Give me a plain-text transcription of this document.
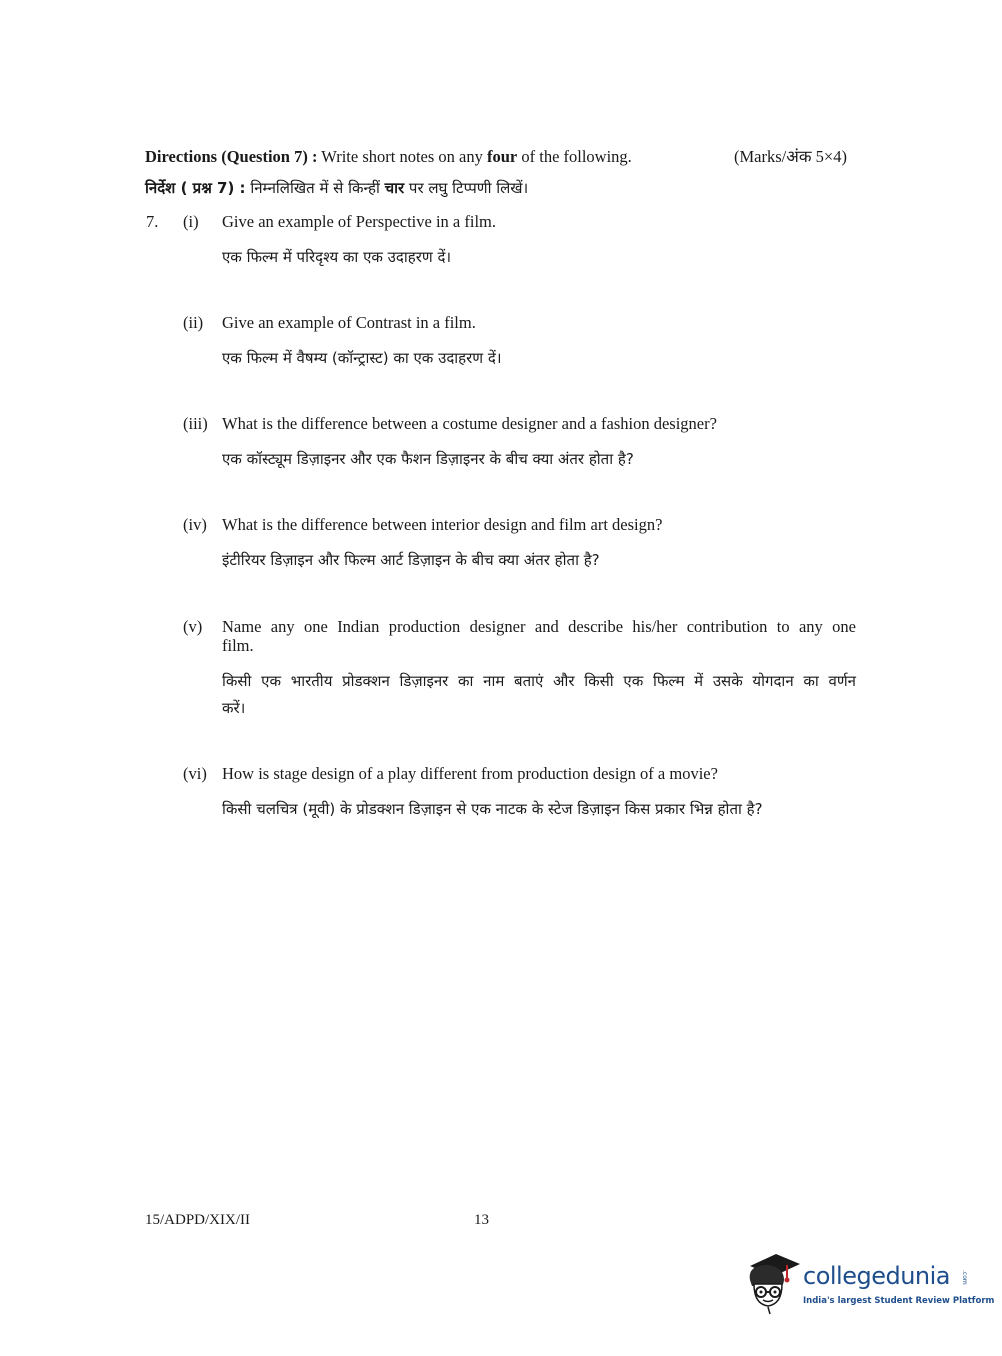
Directions (Question 7) : Write short notes on any four of the following.	(Marks/अंक 5×4)
निर्देश ( प्रश्न 7) : निम्नलिखित में से किन्हीं चार पर लघु टिप्पणी लिखें।
7. (i)	Give an example of Perspective in a film.
एक फिल्म में परिदृश्य का एक उदाहरण दें।
(ii)	Give an example of Contrast in a film.
एक फिल्म में वैषम्य (कॉन्ट्रास्ट) का एक उदाहरण दें।
(iii) What is the difference between a costume designer and a fashion designer?
एक कॉस्ट्यूम डिज़ाइनर और एक फैशन डिज़ाइनर के बीच क्या अंतर होता है?
(iv) What is the difference between interior design and film art design?
इंटीरियर डिज़ाइन और फिल्म आर्ट डिज़ाइन के बीच क्या अंतर होता है?
(v)	Name any one Indian production designer and describe his/her contribution to any one
film.
किसी एक भारतीय प्रोडक्शन डिज़ाइनर का नाम बताएं और किसी एक फिल्म में उसके योगदान का वर्णन
करें।
(vi) How is stage design of a play different from production design of a movie?
किसी चलचित्र (मूवी) के प्रोडक्शन डिज़ाइन से एक नाटक के स्टेज डिज़ाइन किस प्रकार भिन्न होता है?
15/ADPD/XIX/II	13
collegedunia .com
India's largest Student Review Platform
